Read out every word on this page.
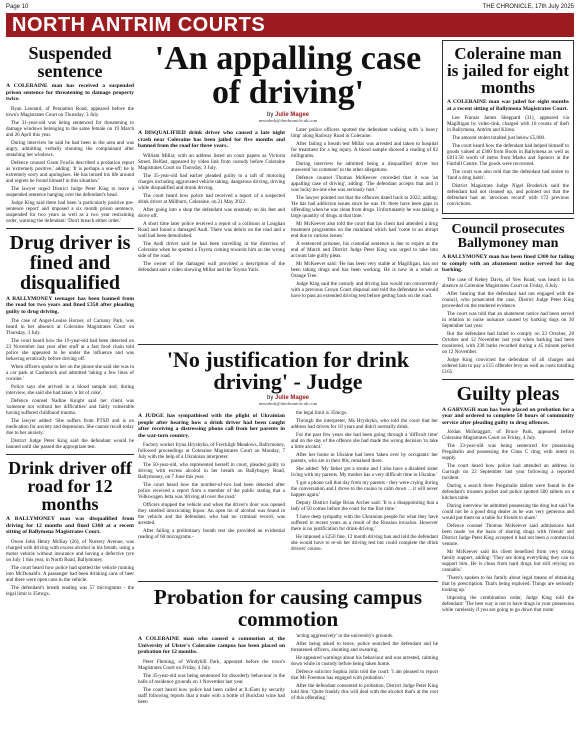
Page 10	THE CHRONICLE, 17th July 2025
NORTH ANTRIM COURTS
Suspended sentence
A COLERAINE man has received a suspended prison sentence for threatening to damage property twice.
Ryan Leonard, of Pennamin Road, appeared before the town's Magistrates Court on Thursday, 3 July.
The 31-year-old was being sentenced for threatening to damage windows belonging to the same female on 19 March and 26 April this year.
During interview he said he had been in the area and was angry, admitting verbally shouting the complainant after smashing her windows.
Defence counsel Grant Fowlis described a probation report as 'extremely positive,' adding: 'It is perhaps a one-off; he is extremely sorry and apologises. He has turned his life around and regrets he found himself in this situation.'
The lawyer urged District Judge Peter King to leave a suspended sentence hanging over the defendant's head.
Judge King said there had been 'a particularly positive pre-sentence report' and imposed a six month prison sentence, suspended for two years as well as a two year restraining order, warning the defendant: 'Don't breach either order.'
Drug driver is fined and disqualified
A BALLYMONEY teenager has been banned from the road for two years and fined £350 after pleading guilty to drug driving.
The case of Angel-Louise Horner, of Carnany Park, was heard in her absence at Coleraine Magistrates Court on Thursday, 3 July.
The court heard how the 19-year-old had been detected on 23 November last year after stuff at a fast food chain told police she appeared to be under the influence and was behaving erratically before driving off.
When officers spoke to her on the phone she said she was in a car park at Castlerock and admitted 'taking a few lines of cocaine.'
Police says she arrived in a blood sample and, during interview, she said she had taken 'a lot of coke'.
Defence counsel Nadine Knight said her client was 'someone not without her difficulties' and fairly vulnerable having suffered childhood trauma.
The lawyer added: 'She suffers from PTSD and is on medication for anxiety and depression. She cannot recall today due to her anxiety.'
District Judge Peter King said the defendant would be banned until she passed the appropriate test.
Drink driver off road for 12 months
A BALLYMONEY man was disqualified from driving for 12 months and fined £360 at a recent sitting of Ballymena Magistrates Court.
Owen John Henry McKay (26), of Nursery Avenue, was charged with driving with excess alcohol in his breath, using a motor vehicle without insurance and having a defective tyre on July 1 this year, in North Road, Ballymoney.
The court heard how police had spotted the vehicle running into McDonald's. A passenger had been drinking cans of beer and there were open cans in the vehicle.
The defendant's breath reading was 57 micrograms - the legal limit is 35mcgs.
'An appalling case of driving'
by Julie Magee
newsdesk@thechronicle.uk.com
A DISQUALIFIED drink driver who caused a late night crash near Coleraine has been jailed for five months and banned from the road for three years.
William Millar, with an address listed on court papers as Victoria Street, Belfast, appeared by video link from custody before Coleraine Magistrates Court on Thursday, 3 July.
The 35-year-old had earlier pleaded guilty to a raft of motoring charges including aggravated vehicle taking, dangerous driving, driving while disqualified and drunk driving.
The court heard how police had received a report of a suspected drink driver at Millburn, Coleraine, on 21 May 2022.
After going into a shop the defendant was unsteady on his feet and drove off.
A short time later police received a report of a collision at Loughan Road and found a damaged Audi. There was debris on the road and a wall had been demolished.
The Audi driver said he had been travelling in the direction of Coleraine when he spotted a Toyota coming towards him on the wrong side of the road.
The owner of the damaged wall provided a description of the defendant and a video showing Millar and the Toyota Yaris.
Later police officers spotted the defendant walking with 'a heavy limp' along Railway Road in Coleraine.
After failing a breath test Millar was arrested and taken to hospital for treatment for a leg injury. A blood sample showed a reading of 82 milligrams.
During interview he admitted being a disqualified driver but answered 'no comment' to the other allegations.
Defence counsel Thomas McKeever conceded that it was 'an appalling case of driving', adding: 'The defendant accepts that and it was lucky no-one else was seriously hurt.'
The lawyer pointed out that the offences dated back to 2022, adding: 'He has had addiction issues since he was 16; there have been gaps in offending when he was clean from drugs. Unfortunately he was taking a large quantity of drugs at that time.'
Mr McKeever also told the court that his client had attended a drug treatment programme on the mainland which had 'come to an abrupt end due to various issues.'
A sentenced prisoner, his custodial sentence is due to expire at the end of March and District Judge Peter King was urged to take into account late guilty pleas.
Mr McKeever said: 'He has been very stable at Magilligan, has not been taking drugs and has been working. He is now in a rehab at Orange Tree.'
Judge King said the custody and driving ban would run concurrently with a previous Crown Court disposal and told the defendant he would have to pass an extended driving test before getting back on the road.
'No justification for drink driving' - Judge
by Julie Magee
newsdesk@thechronicle.uk.com
A JUDGE has sympathised with the plight of Ukrainian people after hearing how a drink driver had been caught after receiving a distressing phone call from her parents in the war-torn country.
Factory worker Iryna Hryshykn, of Freckligh Meadows, Ballymoney, followed proceedings at Coleraine Magistrates Court on Monday, 7 July with the help of a Ukrainian interpreter.
The 50-year-old, who represented herself in court, pleaded guilty to driving with excess alcohol in her breath on Ballybogey Road, Ballymoney, on 7 June this year.
The court heard how the number-of-two had been detected after police received a report from a member of the public stating that a Volkswagen Jetta was 'driving all over the road.'
Officers stopped the vehicle and when the driver's door was opened they smelled intoxicating liquor. An open tin of alcohol was found in the vehicle and the defendant, who had no criminal record, was arrested.
After failing a preliminary breath test she provided an evidential reading of 60 micrograms -
the legal limit is 35mcgs.
Through the interpreter, Ms Hryshykn, who told the court that her address had driven for 18 years and didn't normally drink.
For the past few years she had been going through a 'difficult time' and on the day of the offence she had made the wrong decision 'to take a little alcohol.'
After her home in Ukraine had been 'taken over by occupants' her parents, who are in their 80s, remained there.
She added: 'My father got a stroke and I also have a disabled sister living with my parents. My mother has a very difficult time in Ukraine.'
'I got a phone call that day from my parents - they were crying during the conversation and I drove to the casino to calm down ... it will never happen again.'
Deputy District Judge Brian Archer said: 'It is a disappointing that a lady of 50 comes before the court for the first time.'
'I have deep sympathy with the Ukrainian people for what they have suffered in recent years as a result of the Russian invasion. However there is no justification for drink-driving.'
He imposed a £250 fine, 12 month driving ban and told the defendant she would have to re-sit her driving test but could complete the drink drivers' course.
Probation for causing campus commotion
A COLERAINE man who caused a commotion at the University of Ulster's Coleraine campus has been placed on probation for 12 months.
Peter Fleming, of Windyhill Park, appeared before the town's Magistrates Court on Friday, 4 July.
The 35-year-old was being sentenced for disorderly behaviour in the halls of residence grounds on 1 November last year.
The court heard how police had been called at 8.45am by security staff following reports that a male with a bottle of Buckfast wine had been
'acting aggressively' in the university's grounds.
After being asked to leave, police searched the defendant and he threatened officers, shouting and swearing.
He appeared warnings about his behaviour and was arrested, calming down while in custody before being taken home.
Defence solicitor Sophia Jolin told the court: 'I am pleased to report that Mr Freeman has engaged with probation.'
After the defendant consented to probation, District Judge Peter King told him: 'Quite frankly this will deal with the alcohol that's at the root of this offending.'
Coleraine man is jailed for eight months
A COLERAINE man was jailed for eight months at a recent sitting of Ballymena Magistrates Court.
Lee Fransis James Sheppard (31), appeared via Magilligan by video-link, charged with 10 counts of theft in Ballymena, Antrim and Kilrea.
The amount stolen totalled just below £5,000.
The court heard how the defendant had helped himself to goods valued at £360 from Boots in Ballymena as well as £813.50 worth of items from Marks and Spencer at the Fairhill Centre. The goods were recovered.
The court was also told that the defendant had stolen to 'fund a drug habit'.
District Magistrate Judge Nigel Broderick said the defendant had not cleaned up, and pointed out that the defendant had an 'atrocious record' with 172 previous convictions.
Council prosecutes Ballymoney man
A BALLYMONEY man has been fined £300 for failing to comply with an abatement notice served for dog barking.
The case of Kehey Davis, of Yew Road, was heard in his absence at Coleraine Magistrates Court on Friday, 4 July.
After hearing that the defendant had not engaged with the council, who prosecuted the case, District Judge Peter King proceeded on the tendered evidence.
The court was told that an abatement notice had been served in relation to noise nuisance caused by barking dogs on 30 September last year.
But the defendant had failed to comply on 23 October, 28 October and 12 November last year when barking had been monitored, with 238 barks recorded during a 45 minute period on 12 November.
Judge King convicted the defendant of all charges and ordered him to pay a £15 offender levy as well as costs totalling £165.
Guilty pleas
A GARVAGH man has been placed on probation for a year and ordered to complete 50 hours of community service after pleading guilty to drug offences.
Jordan McIntaggart, of Bruce Park, appeared before Coleraine Magistrates Court on Friday, 4 July.
The 33-year-old was being sentenced for possessing Pregabalin and possessing the Class C drug with intent to supply.
The court heard how police had attended an address in Garvagh on 22 September last year following a reported incident.
During a search three Pregabalin tablets were found in the defendant's trousers pocket and police spotted 500 tablets on a kitchen table.
During interview he admitted possessing the drug but said 'he could not be a good drug dealer as he was very generous and would put them on a table for friends to share.'
Defence counsel Thomas McKeever said admissions had been made 'on the basis of sharing drugs with friends' and District Judge Peter King accepted it had not been a commercial venture.
Mr McKeever said his client benefited from very strong family support, adding: 'They are doing everything they can to support him. He is clean from hard drugs but still relying on cannabis.'
'There's spoken to his family about legal means of obtaining that by prescription. That's being explored. Things are seriously looking up.'
Imposing the combination order, Judge King told the defendant: 'The best way is not to have drugs in your possession while carelessly if you are going to go down that route.'
